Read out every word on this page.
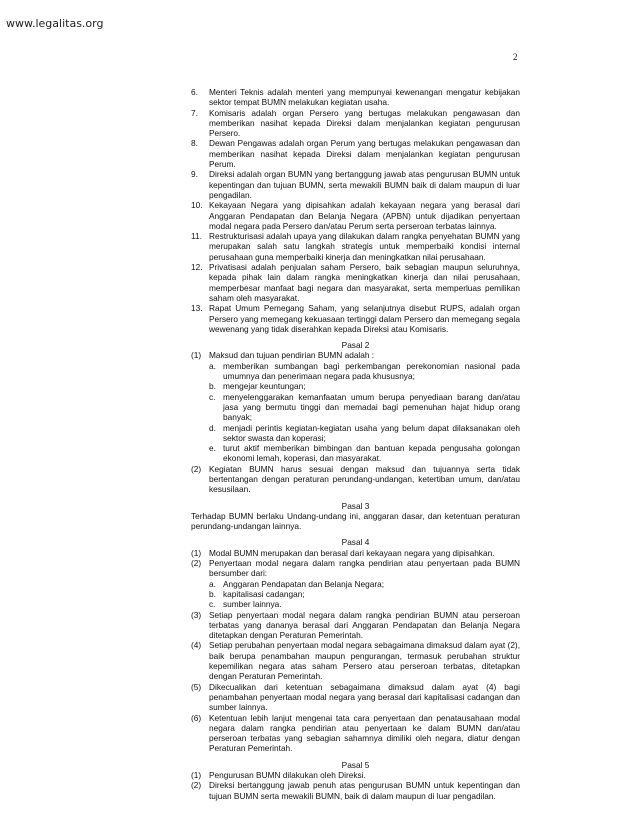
www.legalitas.org
2
6.	Menteri Teknis adalah menteri yang mempunyai kewenangan mengatur kebijakan sektor tempat BUMN melakukan kegiatan usaha.
7.	Komisaris adalah organ Persero yang bertugas melakukan pengawasan dan memberikan nasihat kepada Direksi dalam menjalankan kegiatan pengurusan Persero.
8.	Dewan Pengawas adalah organ Perum yang bertugas melakukan pengawasan dan memberikan nasihat kepada Direksi dalam menjalankan kegiatan pengurusan Perum.
9.	Direksi adalah organ BUMN yang bertanggung jawab atas pengurusan BUMN untuk kepentingan dan tujuan BUMN, serta mewakili BUMN baik di dalam maupun di luar pengadilan.
10. Kekayaan Negara yang dipisahkan adalah kekayaan negara yang berasal dari Anggaran Pendapatan dan Belanja Negara (APBN) untuk dijadikan penyertaan modal negara pada Persero dan/atau Perum serta perseroan terbatas lainnya.
11. Restrukturisasi adalah upaya yang dilakukan dalam rangka penyehatan BUMN yang merupakan salah satu langkah strategis untuk memperbaiki kondisi internal perusahaan guna memperbaiki kinerja dan meningkatkan nilai perusahaan.
12. Privatisasi adalah penjualan saham Persero, baik sebagian maupun seluruhnya, kepada pihak lain dalam rangka meningkatkan kinerja dan nilai perusahaan, memperbesar manfaat bagi negara dan masyarakat, serta memperluas pemilikan saham oleh masyarakat.
13. Rapat Umum Pemegang Saham, yang selanjutnya disebut RUPS, adalah organ Persero yang memegang kekuasaan tertinggi dalam Persero dan memegang segala wewenang yang tidak diserahkan kepada Direksi atau Komisaris.
Pasal 2
(1) Maksud dan tujuan pendirian BUMN adalah :
a. memberikan sumbangan bagi perkembangan perekonomian nasional pada umumnya dan penerimaan negara pada khususnya;
b. mengejar keuntungan;
c. menyelenggarakan kemanfaatan umum berupa penyediaan barang dan/atau jasa yang bermutu tinggi dan memadai bagi pemenuhan hajat hidup orang banyak;
d. menjadi perintis kegiatan-kegiatan usaha yang belum dapat dilaksanakan oleh sektor swasta dan koperasi;
e. turut aktif memberikan bimbingan dan bantuan kepada pengusaha golongan ekonomi lemah, koperasi, dan masyarakat.
(2) Kegiatan BUMN harus sesuai dengan maksud dan tujuannya serta tidak bertentangan dengan peraturan perundang-undangan, ketertiban umum, dan/atau kesusilaan.
Pasal 3
Terhadap BUMN berlaku Undang-undang ini, anggaran dasar, dan ketentuan peraturan perundang-undangan lainnya.
Pasal 4
(1) Modal BUMN merupakan dan berasal dari kekayaan negara yang dipisahkan.
(2) Penyertaan modal negara dalam rangka pendirian atau penyertaan pada BUMN bersumber dari:
a. Anggaran Pendapatan dan Belanja Negara;
b. kapitalisasi cadangan;
c. sumber lainnya.
(3) Setiap penyertaan modal negara dalam rangka pendirian BUMN atau perseroan terbatas yang dananya berasal dari Anggaran Pendapatan dan Belanja Negara ditetapkan dengan Peraturan Pemerintah.
(4) Setiap perubahan penyertaan modal negara sebagaimana dimaksud dalam ayat (2), baik berupa penambahan maupun pengurangan, termasuk perubahan struktur kepemilikan negara atas saham Persero atau perseroan terbatas, ditetapkan dengan Peraturan Pemerintah.
(5) Dikecualikan dari ketentuan sebagaimana dimaksud dalam ayat (4) bagi penambahan penyertaan modal negara yang berasal dari kapitalisasi cadangan dan sumber lainnya.
(6) Ketentuan lebih lanjut mengenai tata cara penyertaan dan penatausahaan modal negara dalam rangka pendirian atau penyertaan ke dalam BUMN dan/atau perseroan terbatas yang sebagian sahamnya dimiliki oleh negara, diatur dengan Peraturan Pemerintah.
Pasal 5
(1) Pengurusan BUMN dilakukan oleh Direksi.
(2) Direksi bertanggung jawab penuh atas pengurusan BUMN untuk kepentingan dan tujuan BUMN serta mewakili BUMN, baik di dalam maupun di luar pengadilan.
